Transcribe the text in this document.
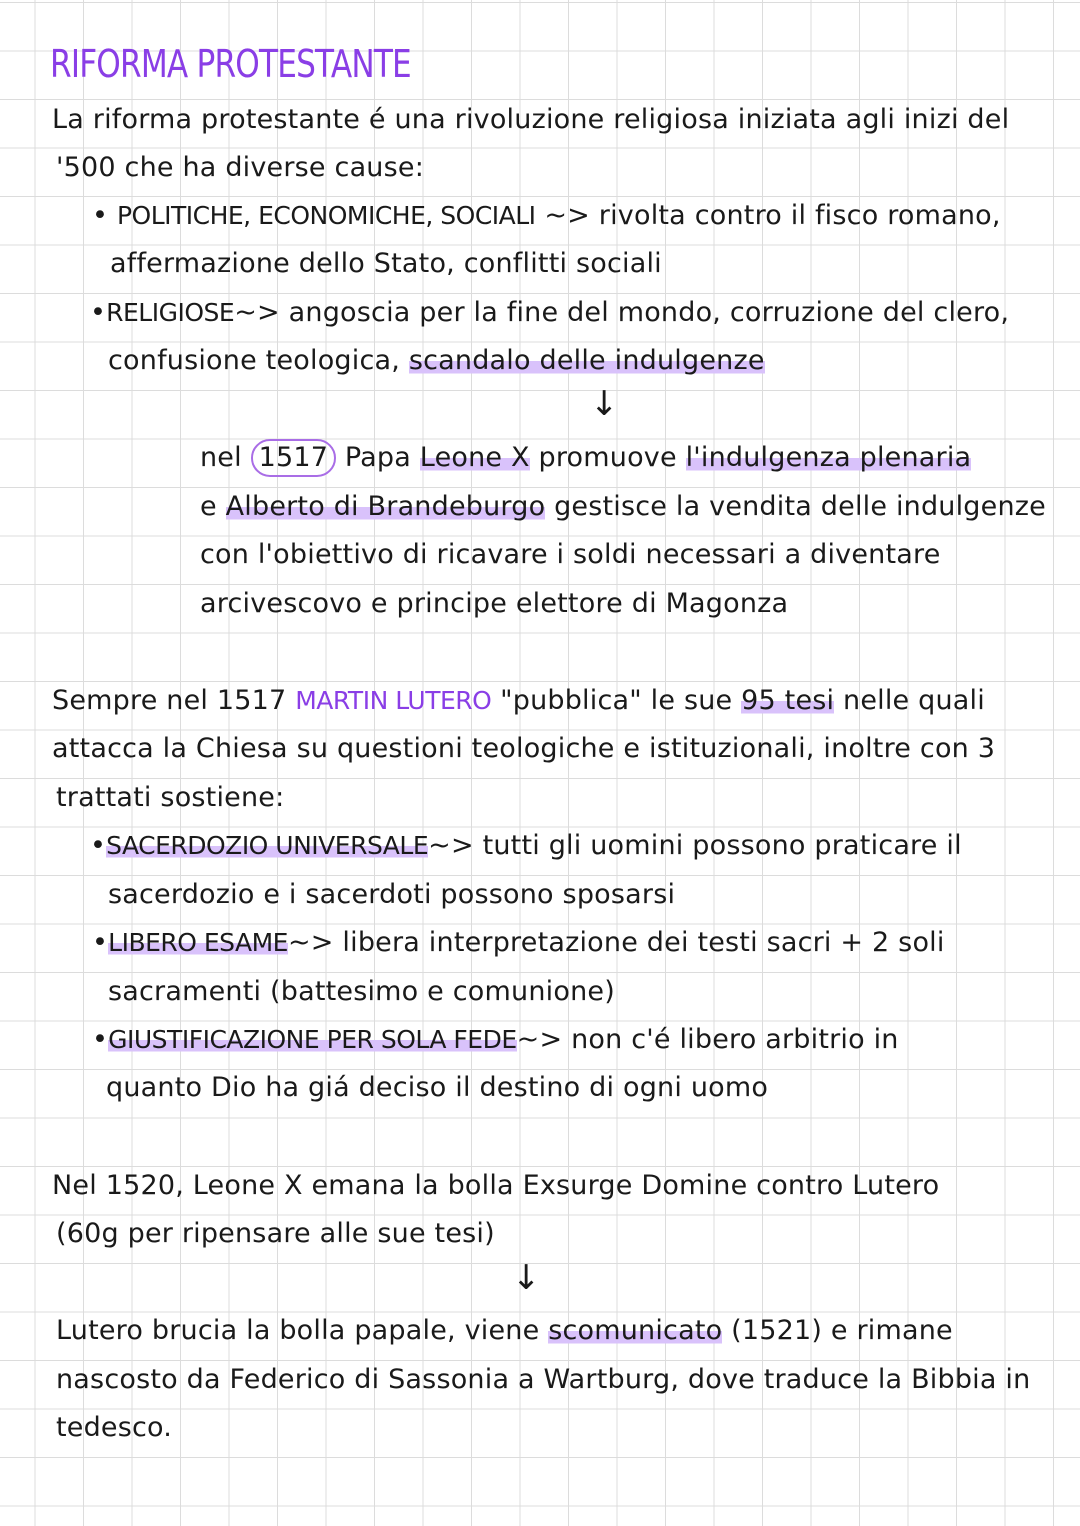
RIFORMA PROTESTANTE
La riforma protestante é una rivoluzione religiosa iniziata agli inizi del
'500 che ha diverse cause:
• POLITICHE, ECONOMICHE, SOCIALI ~> rivolta contro il fisco romano,
affermazione dello Stato, conflitti sociali
•RELIGIOSE~> angoscia per la fine del mondo, corruzione del clero,
confusione teologica, scandalo delle indulgenze
↓
nel 1517 Papa Leone X promuove l'indulgenza plenaria
e Alberto di Brandeburgo gestisce la vendita delle indulgenze
con l'obiettivo di ricavare i soldi necessari a diventare
arcivescovo e principe elettore di Magonza
Sempre nel 1517 MARTIN LUTERO "pubblica" le sue 95 tesi nelle quali
attacca la Chiesa su questioni teologiche e istituzionali, inoltre con 3
trattati sostiene:
•SACERDOZIO UNIVERSALE~> tutti gli uomini possono praticare il
sacerdozio e i sacerdoti possono sposarsi
•LIBERO ESAME~> libera interpretazione dei testi sacri + 2 soli
sacramenti (battesimo e comunione)
•GIUSTIFICAZIONE PER SOLA FEDE~> non c'é libero arbitrio in
quanto Dio ha giá deciso il destino di ogni uomo
Nel 1520, Leone X emana la bolla Exsurge Domine contro Lutero
(60g per ripensare alle sue tesi)
↓
Lutero brucia la bolla papale, viene scomunicato (1521) e rimane
nascosto da Federico di Sassonia a Wartburg, dove traduce la Bibbia in
tedesco.
